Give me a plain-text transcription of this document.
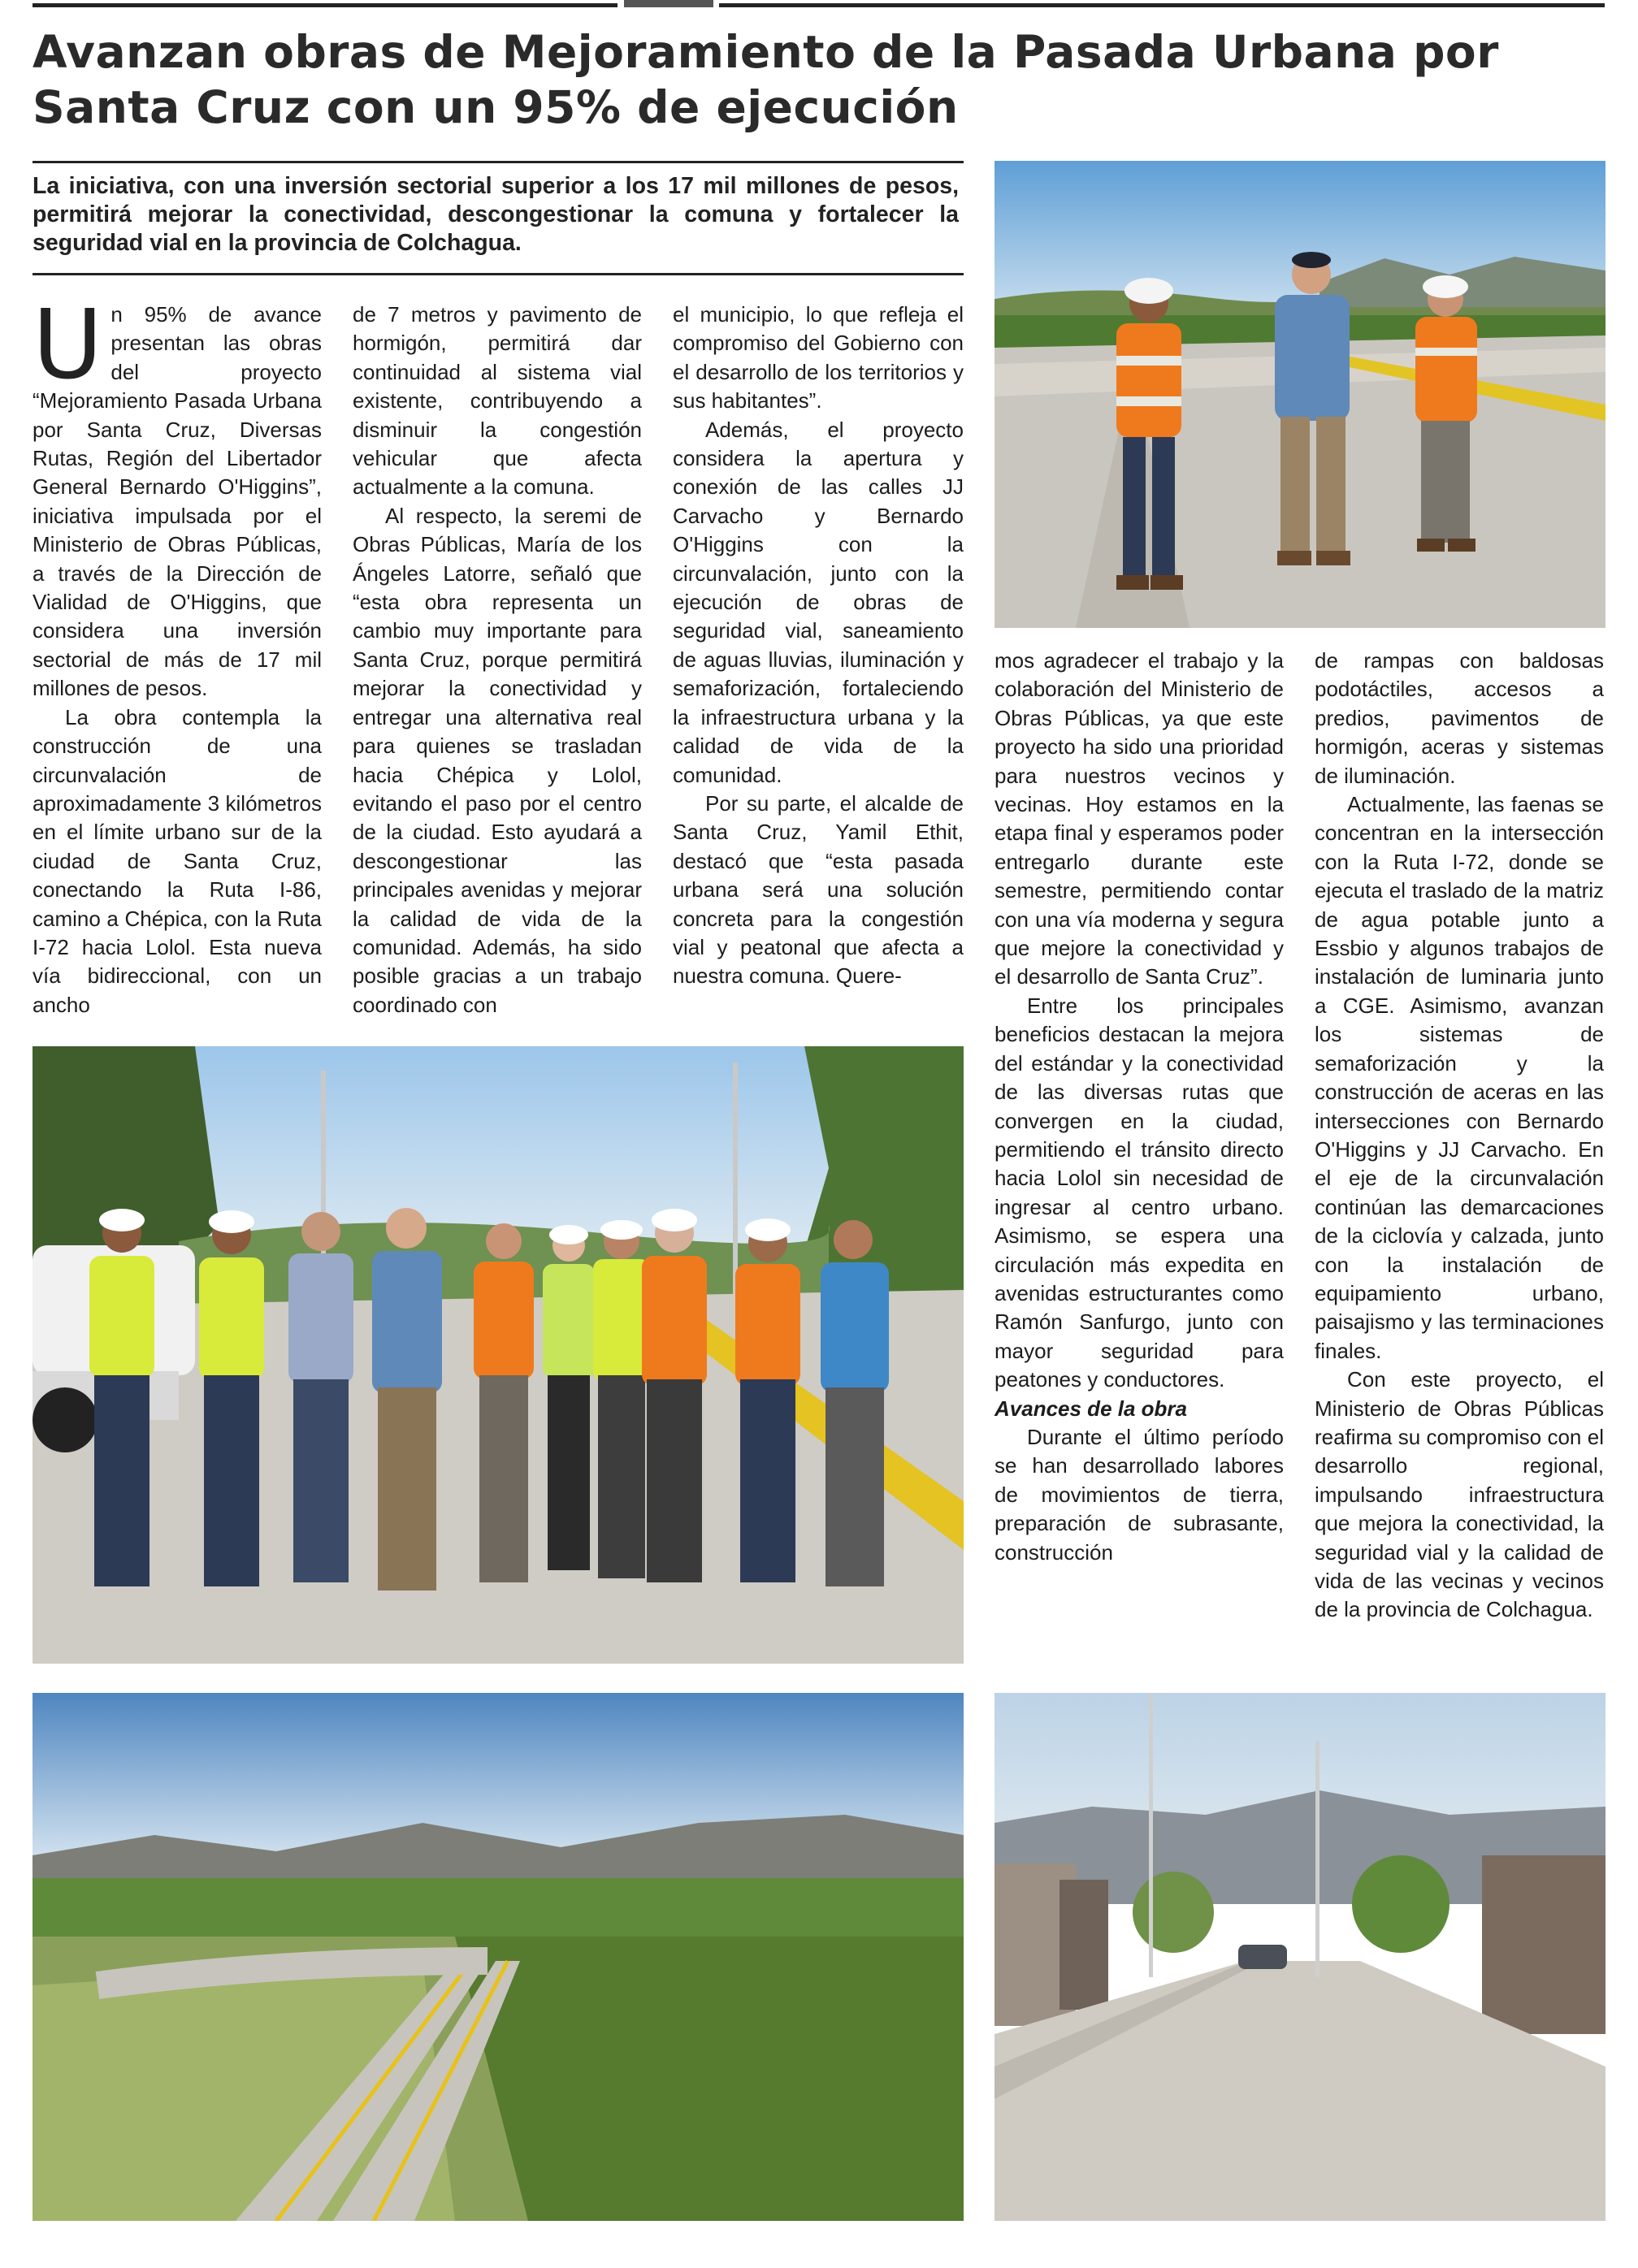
Avanzan obras de Mejoramiento de la Pasada Urbana por Santa Cruz con un 95% de ejecución

La iniciativa, con una inversión sectorial superior a los 17 mil millones de pesos, permitirá mejorar la conectividad, descongestionar la comuna y fortalecer la seguridad vial en la provincia de Colchagua.

Un 95% de avance presentan las obras del proyecto “Mejoramiento Pasada Urbana por Santa Cruz, Diversas Rutas, Región del Libertador General Bernardo O'Higgins”, iniciativa impulsada por el Ministerio de Obras Públicas, a través de la Dirección de Vialidad de O'Higgins, que considera una inversión sectorial de más de 17 mil millones de pesos.

La obra contempla la construcción de una circunvalación de aproximadamente 3 kilómetros en el límite urbano sur de la ciudad de Santa Cruz, conectando la Ruta I-86, camino a Chépica, con la Ruta I-72 hacia Lolol. Esta nueva vía bidireccional, con un ancho

de 7 metros y pavimento de hormigón, permitirá dar continuidad al sistema vial existente, contribuyendo a disminuir la congestión vehicular que afecta actualmente a la comuna.

Al respecto, la seremi de Obras Públicas, María de los Ángeles Latorre, señaló que “esta obra representa un cambio muy importante para Santa Cruz, porque permitirá mejorar la conectividad y entregar una alternativa real para quienes se trasladan hacia Chépica y Lolol, evitando el paso por el centro de la ciudad. Esto ayudará a descongestionar las principales avenidas y mejorar la calidad de vida de la comunidad. Además, ha sido posible gracias a un trabajo coordinado con

el municipio, lo que refleja el compromiso del Gobierno con el desarrollo de los territorios y sus habitantes”.

Además, el proyecto considera la apertura y conexión de las calles JJ Carvacho y Bernardo O'Higgins con la circunvalación, junto con la ejecución de obras de seguridad vial, saneamiento de aguas lluvias, iluminación y semaforización, fortaleciendo la infraestructura urbana y la calidad de vida de la comunidad.

Por su parte, el alcalde de Santa Cruz, Yamil Ethit, destacó que “esta pasada urbana será una solución concreta para la congestión vial y peatonal que afecta a nuestra comuna. Quere-

mos agradecer el trabajo y la colaboración del Ministerio de Obras Públicas, ya que este proyecto ha sido una prioridad para nuestros vecinos y vecinas. Hoy estamos en la etapa final y esperamos poder entregarlo durante este semestre, permitiendo contar con una vía moderna y segura que mejore la conectividad y el desarrollo de Santa Cruz”.

Entre los principales beneficios destacan la mejora del estándar y la conectividad de las diversas rutas que convergen en la ciudad, permitiendo el tránsito directo hacia Lolol sin necesidad de ingresar al centro urbano. Asimismo, se espera una circulación más expedita en avenidas estructurantes como Ramón Sanfurgo, junto con mayor seguridad para peatones y conductores.

Avances de la obra

Durante el último período se han desarrollado labores de movimientos de tierra, preparación de subrasante, construcción

de rampas con baldosas podotáctiles, accesos a predios, pavimentos de hormigón, aceras y sistemas de iluminación.

Actualmente, las faenas se concentran en la intersección con la Ruta I-72, donde se ejecuta el traslado de la matriz de agua potable junto a Essbio y algunos trabajos de instalación de luminaria junto a CGE. Asimismo, avanzan los sistemas de semaforización y la construcción de aceras en las intersecciones con Bernardo O'Higgins y JJ Carvacho. En el eje de la circunvalación continúan las demarcaciones de la ciclovía y calzada, junto con la instalación de equipamiento urbano, paisajismo y las terminaciones finales.

Con este proyecto, el Ministerio de Obras Públicas reafirma su compromiso con el desarrollo regional, impulsando infraestructura que mejora la conectividad, la seguridad vial y la calidad de vida de las vecinas y vecinos de la provincia de Colchagua.
